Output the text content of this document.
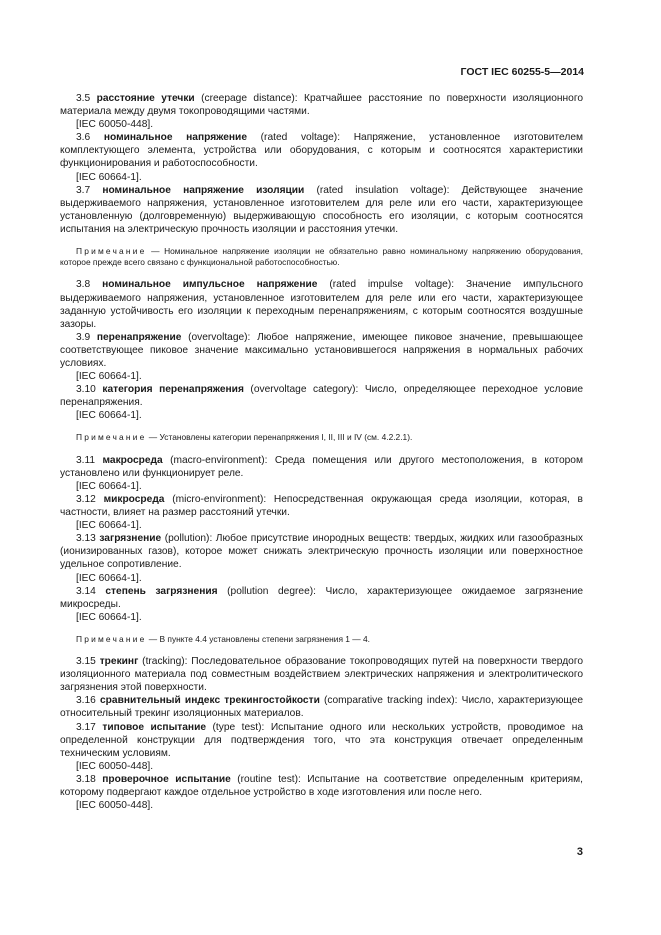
ГОСТ IEC 60255-5—2014

3.5 расстояние утечки (creepage distance): Кратчайшее расстояние по поверхности изоляционного материала между двумя токопроводящими частями.

[IEC 60050-448].

3.6 номинальное напряжение (rated voltage): Напряжение, установленное изготовителем комплектующего элемента, устройства или оборудования, с которым и соотносятся характеристики функционирования и работоспособности.

[IEC 60664-1].

3.7 номинальное напряжение изоляции (rated insulation voltage): Действующее значение выдерживаемого напряжения, установленное изготовителем для реле или его части, характеризующее установленную (долговременную) выдерживающую способность его изоляции, с которым соотносятся испытания на электрическую прочность изоляции и расстояния утечки.

Примечание — Номинальное напряжение изоляции не обязательно равно номинальному напряжению оборудования, которое прежде всего связано с функциональной работоспособностью.

3.8 номинальное импульсное напряжение (rated impulse voltage): Значение импульсного выдерживаемого напряжения, установленное изготовителем для реле или его части, характеризующее заданную устойчивость его изоляции к переходным перенапряжениям, с которым соотносятся воздушные зазоры.

3.9 перенапряжение (overvoltage): Любое напряжение, имеющее пиковое значение, превышающее соответствующее пиковое значение максимально установившегося напряжения в нормальных рабочих условиях.

[IEC 60664-1].

3.10 категория перенапряжения (overvoltage category): Число, определяющее переходное условие перенапряжения.

[IEC 60664-1].

Примечание — Установлены категории перенапряжения I, II, III и IV (см. 4.2.2.1).

3.11 макросреда (macro-environment): Среда помещения или другого местоположения, в котором установлено или функционирует реле.

[IEC 60664-1].

3.12 микросреда (micro-environment): Непосредственная окружающая среда изоляции, которая, в частности, влияет на размер расстояний утечки.

[IEC 60664-1].

3.13 загрязнение (pollution): Любое присутствие инородных веществ: твердых, жидких или газообразных (ионизированных газов), которое может снижать электрическую прочность изоляции или поверхностное удельное сопротивление.

[IEC 60664-1].

3.14 степень загрязнения (pollution degree): Число, характеризующее ожидаемое загрязнение микросреды.

[IEC 60664-1].

Примечание — В пункте 4.4 установлены степени загрязнения 1 — 4.

3.15 трекинг (tracking): Последовательное образование токопроводящих путей на поверхности твердого изоляционного материала под совместным воздействием электрических напряжения и электролитического загрязнения этой поверхности.

3.16 сравнительный индекс трекингостойкости (comparative tracking index): Число, характеризующее относительный трекинг изоляционных материалов.

3.17 типовое испытание (type test): Испытание одного или нескольких устройств, проводимое на определенной конструкции для подтверждения того, что эта конструкция отвечает определенным техническим условиям.

[IEC 60050-448].

3.18 проверочное испытание (routine test): Испытание на соответствие определенным критериям, которому подвергают каждое отдельное устройство в ходе изготовления или после него.

[IEC 60050-448].

3
